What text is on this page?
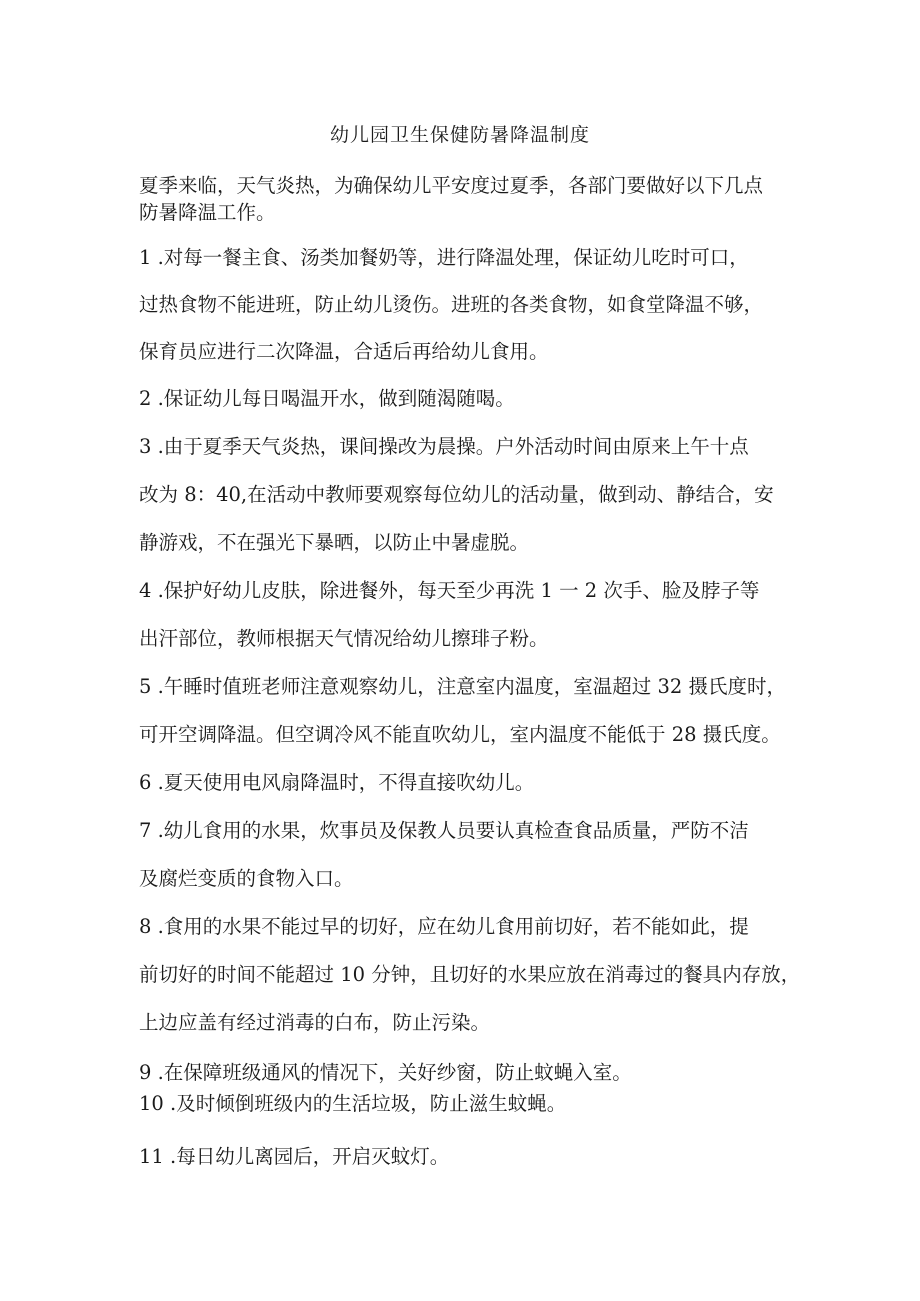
幼儿园卫生保健防暑降温制度

夏季来临，天气炎热，为确保幼儿平安度过夏季，各部门要做好以下几点

防暑降温工作。

1 .对每一餐主食、汤类加餐奶等，进行降温处理，保证幼儿吃时可口，

过热食物不能进班，防止幼儿烫伤。进班的各类食物，如食堂降温不够，

保育员应进行二次降温，合适后再给幼儿食用。

2 .保证幼儿每日喝温开水，做到随渴随喝。

3 .由于夏季天气炎热，课间操改为晨操。户外活动时间由原来上午十点

改为 8：40,在活动中教师要观察每位幼儿的活动量，做到动、静结合，安

静游戏，不在强光下暴晒，以防止中暑虚脱。

4 .保护好幼儿皮肤，除进餐外，每天至少再洗 1 一 2 次手、脸及脖子等

出汗部位，教师根据天气情况给幼儿擦琲子粉。

5 .午睡时值班老师注意观察幼儿，注意室内温度，室温超过 32 摄氏度时，

可开空调降温。但空调冷风不能直吹幼儿，室内温度不能低于 28 摄氏度。

6 .夏天使用电风扇降温时，不得直接吹幼儿。

7 .幼儿食用的水果，炊事员及保教人员要认真检查食品质量，严防不洁

及腐烂变质的食物入口。

8 .食用的水果不能过早的切好，应在幼儿食用前切好，若不能如此，提

前切好的时间不能超过 10 分钟，且切好的水果应放在消毒过的餐具内存放，

上边应盖有经过消毒的白布，防止污染。

9 .在保障班级通风的情况下，关好纱窗，防止蚊蝇入室。

10 .及时倾倒班级内的生活垃圾，防止滋生蚊蝇。

11 .每日幼儿离园后，开启灭蚊灯。
